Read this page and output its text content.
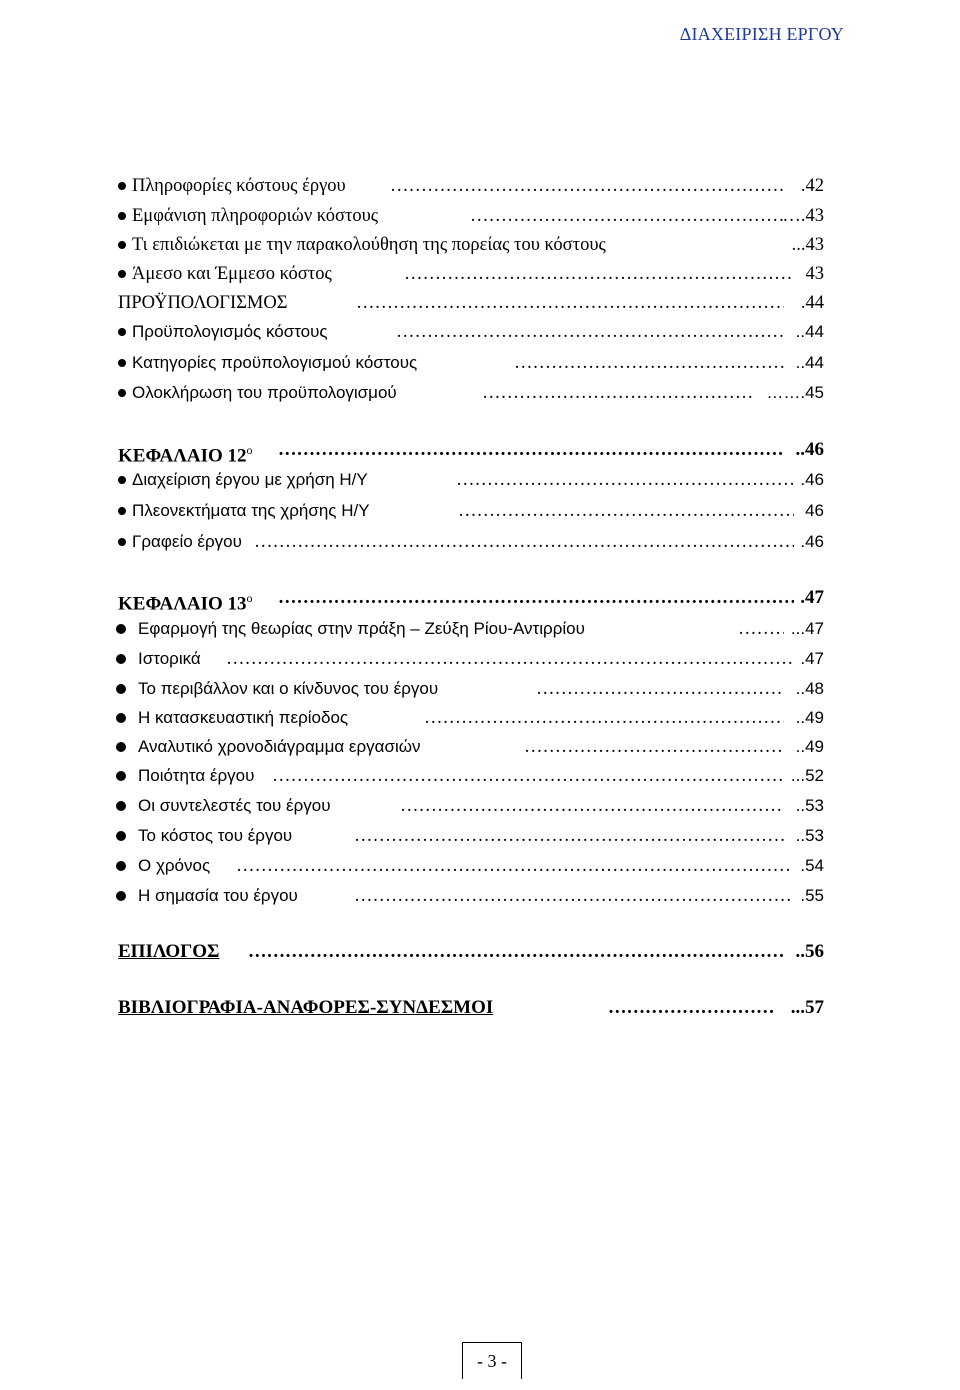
ΔΙΑΧΕΙΡΙΣΗ ΕΡΓΟΥ
Πληροφορίες κόστους έργου ………………………………………………………………………………………………………………………………………………………………	.42
Εμφάνιση πληροφοριών κόστους ………………………………………………………………………………………………………………………………………………………………	….43
Τι επιδιώκεται με την παρακολούθηση της πορείας του κόστους	...43
Άμεσο και Έμμεσο κόστος ………………………………………………………………………………………………………………………………………………………………	43
ΠΡΟΫΠΟΛΟΓΙΣΜΟΣ ………………………………………………………………………………………………………………………………………………………………	.44
Προϋπολογισμός κόστους ………………………………………………………………………………………………………………………………………………………………	..44
Κατηγορίες προϋπολογισμού κόστους ………………………………………………………………………………………………………………………………………………………………	..44
Ολοκλήρωση του προϋπολογισμού ………………………………………………………………………………………………………………………………………………………………	…….45
ΚΕΦΑΛΑΙΟ $12^o$ ………………………………………………………………………………………………………………………………………………………………	..46
Διαχείριση έργου με χρήση Η/Υ ………………………………………………………………………………………………………………………………………………………………	.46
Πλεονεκτήματα της χρήσης Η/Υ ………………………………………………………………………………………………………………………………………………………………	46
Γραφείο έργου ………………………………………………………………………………………………………………………………………………………………	.46
ΚΕΦΑΛΑΙΟ $13^o$ ………………………………………………………………………………………………………………………………………………………………	.47
Εφαρμογή της θεωρίας στην πράξη – Ζεύξη Ρίου-Αντιρρίου ………………………………………………………………………………………………………………………………………………………………	...47
Ιστορικά ………………………………………………………………………………………………………………………………………………………………	.47
Το περιβάλλον και ο κίνδυνος του έργου ………………………………………………………………………………………………………………………………………………………………	..48
Η κατασκευαστική περίοδος ………………………………………………………………………………………………………………………………………………………………	..49
Αναλυτικό χρονοδιάγραμμα εργασιών ………………………………………………………………………………………………………………………………………………………………	..49
Ποιότητα έργου ………………………………………………………………………………………………………………………………………………………………	...52
Οι συντελεστές του έργου ………………………………………………………………………………………………………………………………………………………………	..53
Το κόστος του έργου ………………………………………………………………………………………………………………………………………………………………	..53
Ο χρόνος ………………………………………………………………………………………………………………………………………………………………	.54
Η σημασία του έργου ………………………………………………………………………………………………………………………………………………………………	.55
ΕΠΙΛΟΓΟΣ ………………………………………………………………………………………………………………………………………………………………	..56
ΒΙΒΛΙΟΓΡΑΦΙΑ-ΑΝΑΦΟΡΕΣ-ΣΥΝΔΕΣΜΟΙ ………………………………………………………………………………………………………………………………………………………………	...57
- 3 -
